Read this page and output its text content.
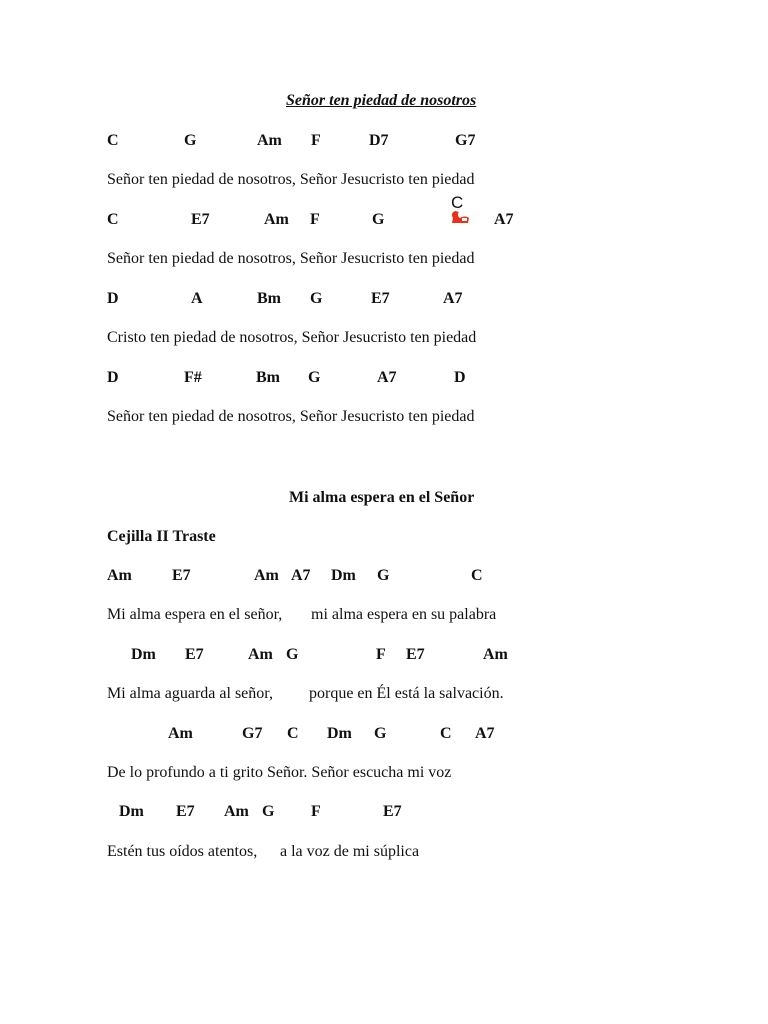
Señor ten piedad de nosotros
C	G	Am F	D7	G7
Señor ten piedad de nosotros, Señor Jesucristo ten piedad
C	E7	Am F	G	A7
C
Señor ten piedad de nosotros, Señor Jesucristo ten piedad
D	A	Bm G	E7	A7
Cristo ten piedad de nosotros, Señor Jesucristo ten piedad
D	F#	Bm G	A7	D
Señor ten piedad de nosotros, Señor Jesucristo ten piedad
Mi alma espera en el Señor
Cejilla II Traste
Am	E7	Am A7 Dm G	C
Mi alma espera en el señor, mi alma espera en su palabra
Dm E7	Am G	F E7	Am
Mi alma aguarda al señor, porque en Él está la salvación.
Am	G7 C Dm G	C A7
De lo profundo a ti grito Señor. Señor escucha mi voz
Dm E7 Am G F	E7
Estén tus oídos atentos, a la voz de mi súplica
